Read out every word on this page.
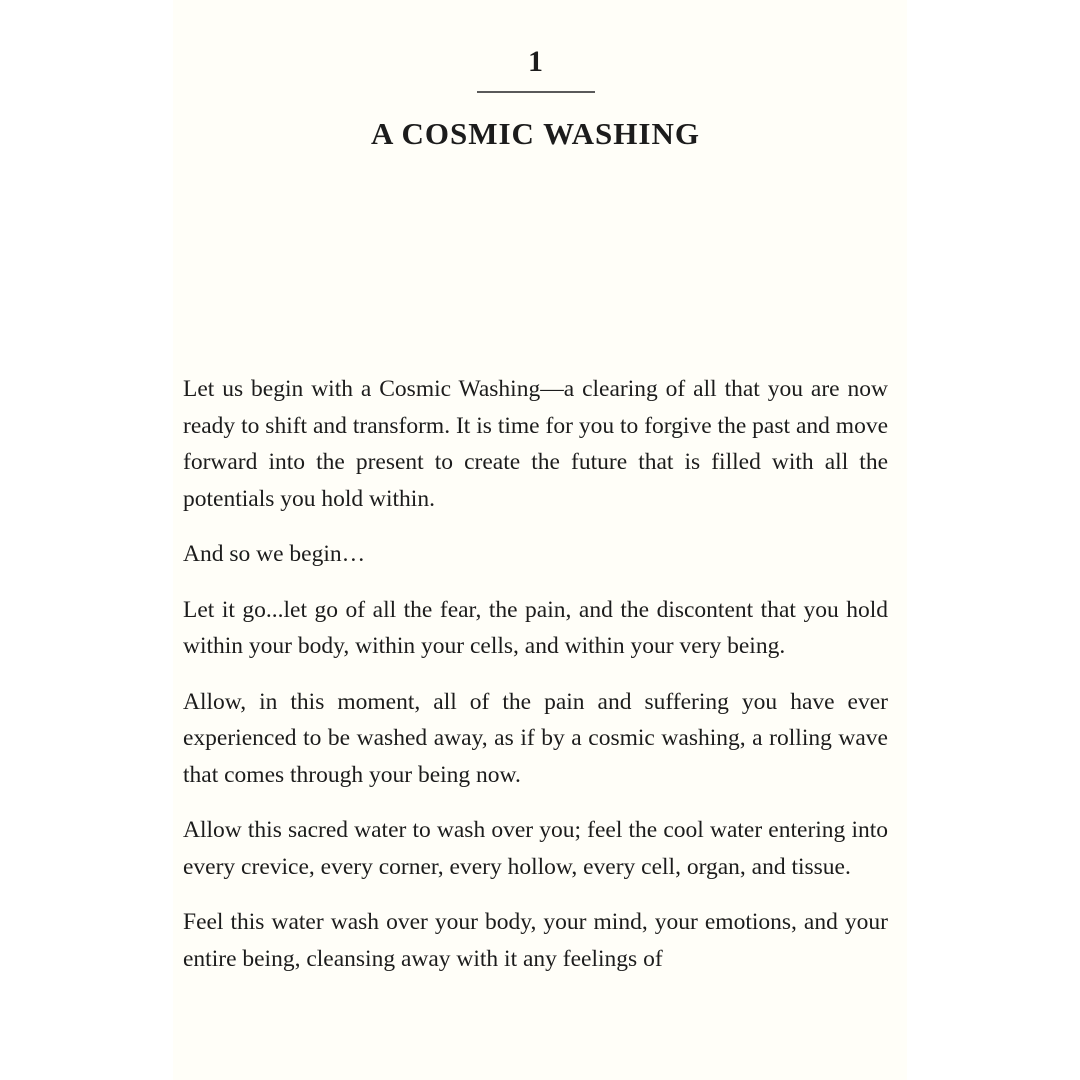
1
A COSMIC WASHING

Let us begin with a Cosmic Washing—a clearing of all that you are now ready to shift and transform. It is time for you to forgive the past and move forward into the present to create the future that is filled with all the potentials you hold within.

And so we begin…

Let it go...let go of all the fear, the pain, and the discontent that you hold within your body, within your cells, and within your very being.

Allow, in this moment, all of the pain and suffering you have ever experienced to be washed away, as if by a cosmic washing, a rolling wave that comes through your being now.

Allow this sacred water to wash over you; feel the cool water entering into every crevice, every corner, every hollow, every cell, organ, and tissue.

Feel this water wash over your body, your mind, your emotions, and your entire being, cleansing away with it any feelings of
